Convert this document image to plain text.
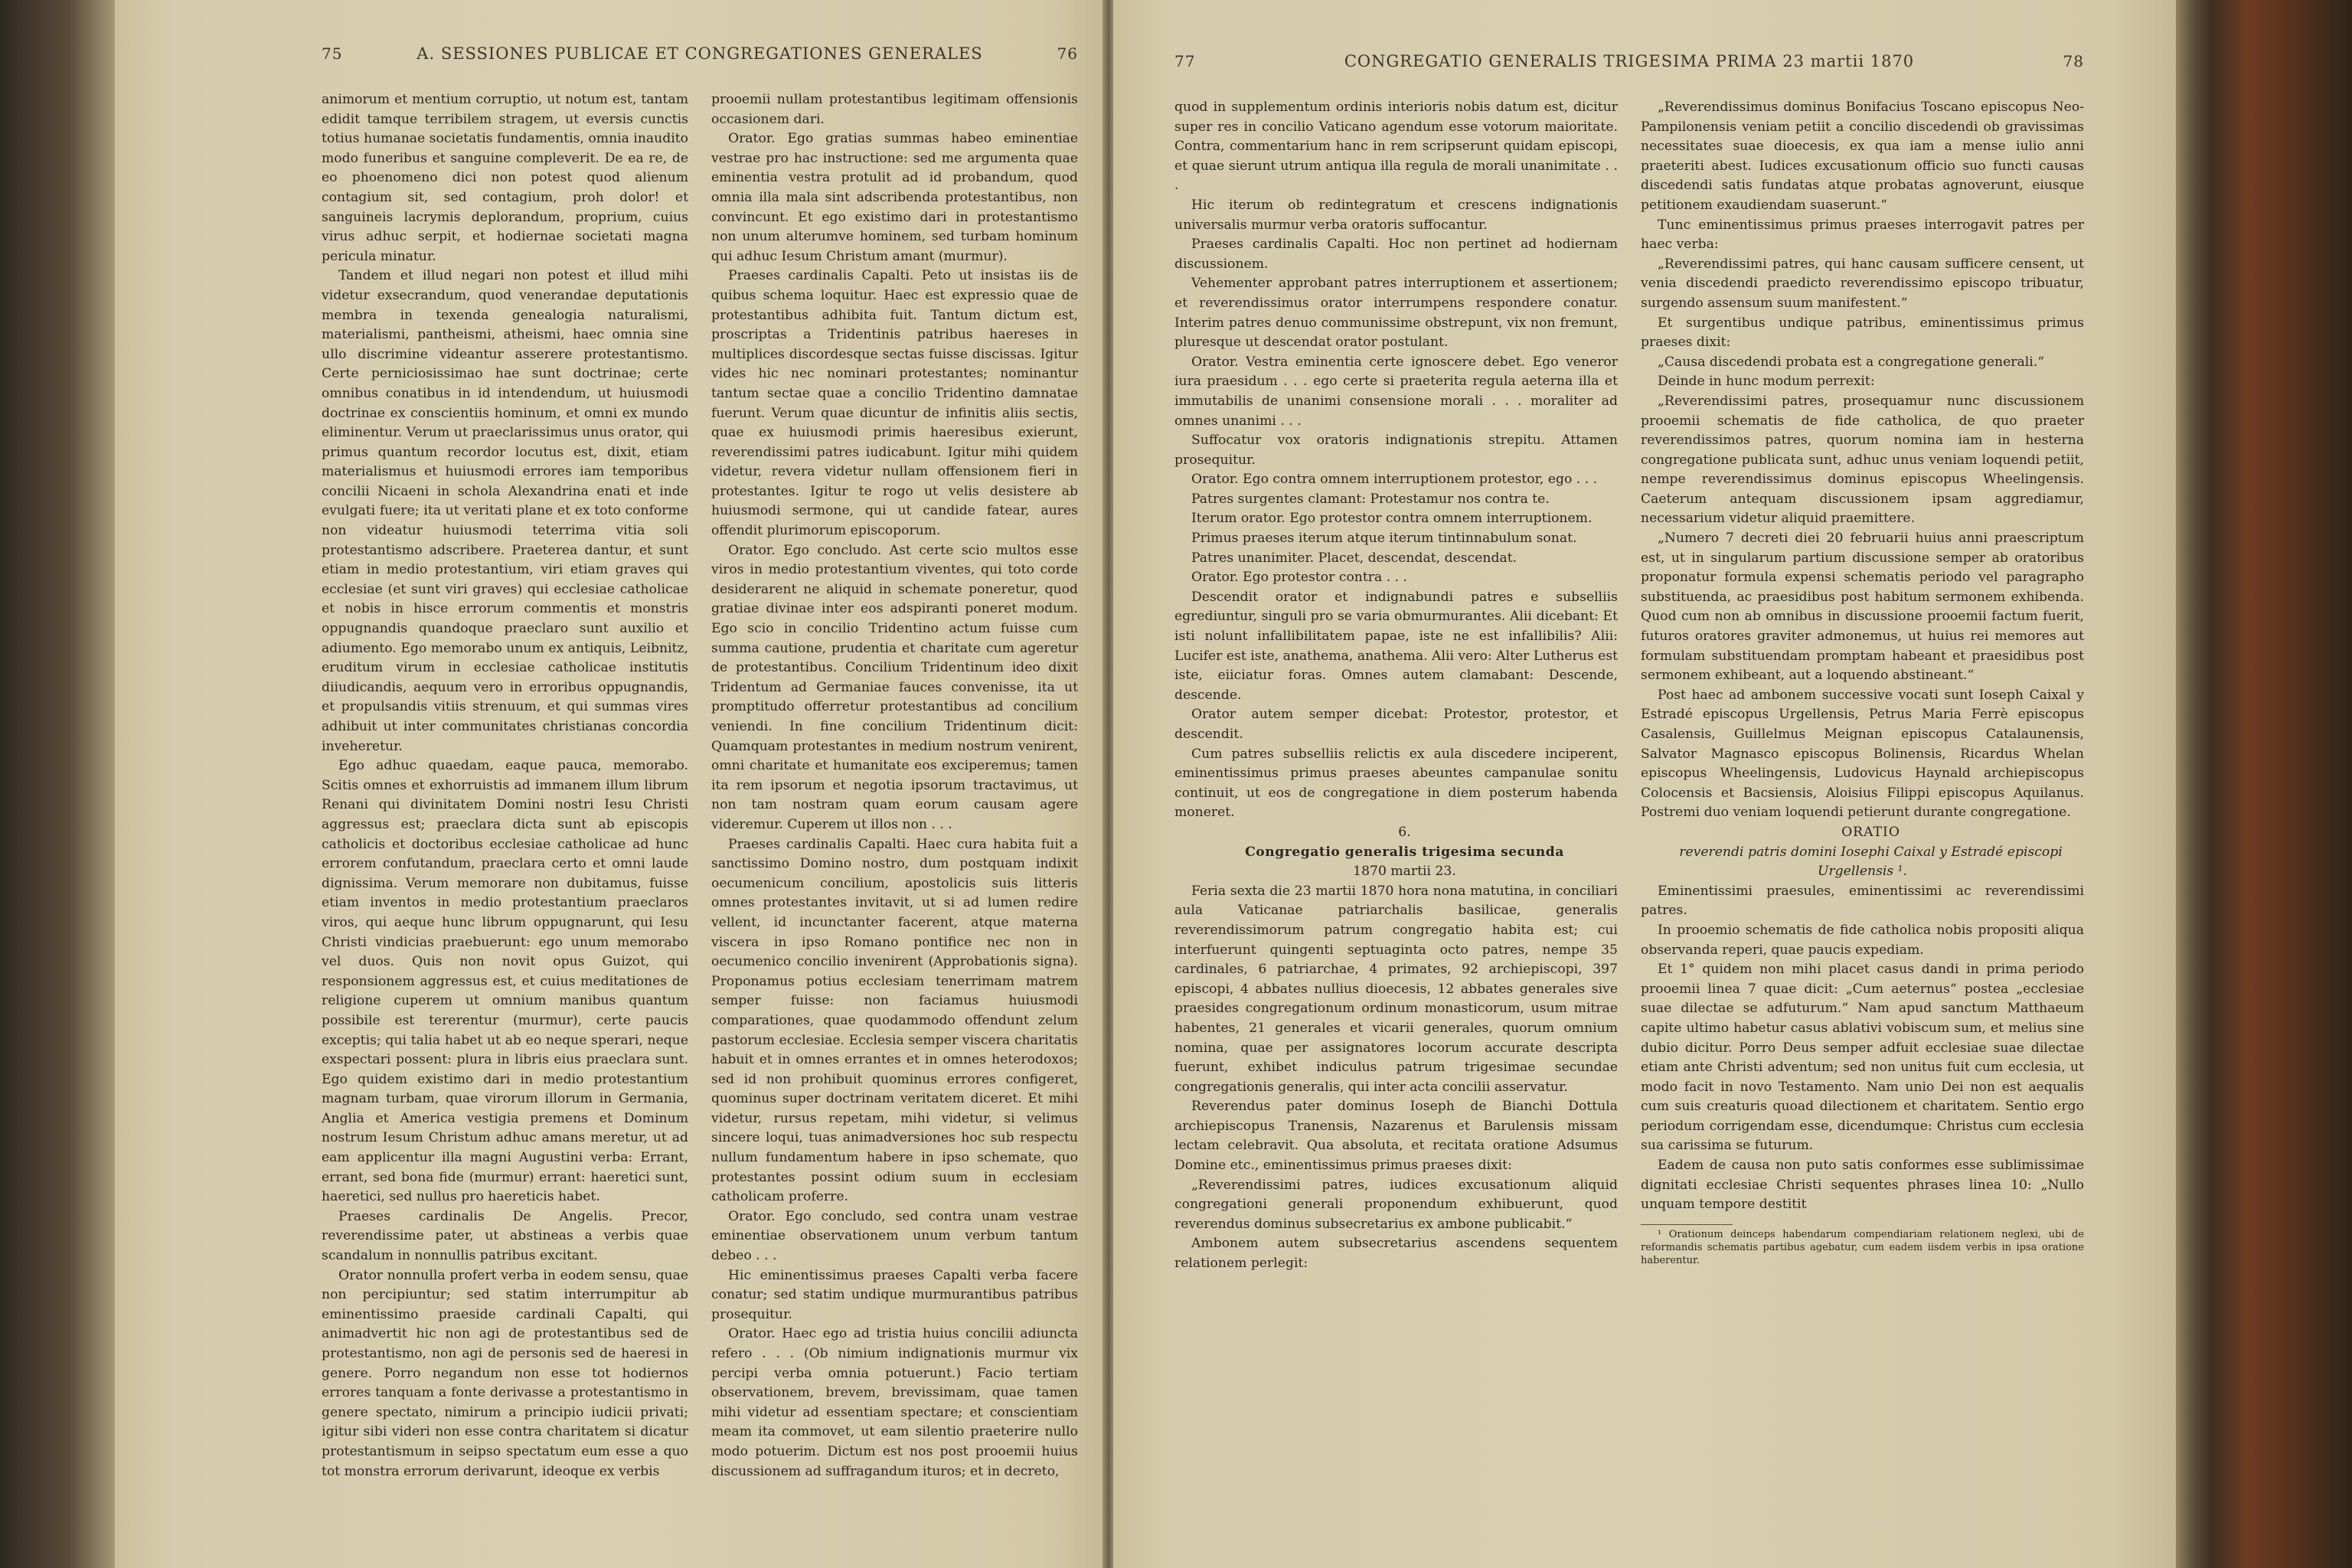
75	A. SESSIONES PUBLICAE ET CONGREGATIONES GENERALES	76

animorum et mentium corruptio, ut notum est, tantam edidit tamque terribilem stragem, ut eversis cunctis totius humanae societatis fundamentis, omnia inaudito modo funeribus et sanguine compleverit. De ea re, de eo phoenomeno dici non potest quod alienum contagium sit, sed contagium, proh dolor! et sanguineis lacrymis deplorandum, proprium, cuius virus adhuc serpit, et hodiernae societati magna pericula minatur.

Tandem et illud negari non potest et illud mihi videtur exsecrandum, quod venerandae deputationis membra in texenda genealogia naturalismi, materialismi, pantheismi, atheismi, haec omnia sine ullo discrimine videantur asserere protestantismo. Certe perniciosissimao hae sunt doctrinae; certe omnibus conatibus in id intendendum, ut huiusmodi doctrinae ex conscientiis hominum, et omni ex mundo eliminentur. Verum ut praeclarissimus unus orator, qui primus quantum recordor locutus est, dixit, etiam materialismus et huiusmodi errores iam temporibus concilii Nicaeni in schola Alexandrina enati et inde evulgati fuere; ita ut veritati plane et ex toto conforme non videatur huiusmodi teterrima vitia soli protestantismo adscribere. Praeterea dantur, et sunt etiam in medio protestantium, viri etiam graves qui ecclesiae (et sunt viri graves) qui ecclesiae catholicae et nobis in hisce errorum commentis et monstris oppugnandis quandoque praeclaro sunt auxilio et adiumento. Ego memorabo unum ex antiquis, Leibnitz, eruditum virum in ecclesiae catholicae institutis diiudicandis, aequum vero in erroribus oppugnandis, et propulsandis vitiis strenuum, et qui summas vires adhibuit ut inter communitates christianas concordia inveheretur.

Ego adhuc quaedam, eaque pauca, memorabo. Scitis omnes et exhorruistis ad immanem illum librum Renani qui divinitatem Domini nostri Iesu Christi aggressus est; praeclara dicta sunt ab episcopis catholicis et doctoribus ecclesiae catholicae ad hunc errorem confutandum, praeclara certo et omni laude dignissima. Verum memorare non dubitamus, fuisse etiam inventos in medio protestantium praeclaros viros, qui aeque hunc librum oppugnarunt, qui Iesu Christi vindicias praebuerunt: ego unum memorabo vel duos. Quis non novit opus Guizot, qui responsionem aggressus est, et cuius meditationes de religione cuperem ut omnium manibus quantum possibile est tererentur (murmur), certe paucis exceptis; qui talia habet ut ab eo neque sperari, neque exspectari possent: plura in libris eius praeclara sunt. Ego quidem existimo dari in medio protestantium magnam turbam, quae virorum illorum in Germania, Anglia et America vestigia premens et Dominum nostrum Iesum Christum adhuc amans meretur, ut ad eam applicentur illa magni Augustini verba: Errant, errant, sed bona fide (murmur) errant: haeretici sunt, haeretici, sed nullus pro haereticis habet.

Praeses cardinalis De Angelis. Precor, reverendissime pater, ut abstineas a verbis quae scandalum in nonnullis patribus excitant.

Orator nonnulla profert verba in eodem sensu, quae non percipiuntur; sed statim interrumpitur ab eminentissimo praeside cardinali Capalti, qui animadvertit hic non agi de protestantibus sed de protestantismo, non agi de personis sed de haeresi in genere. Porro negandum non esse tot hodiernos errores tanquam a fonte derivasse a protestantismo in genere spectato, nimirum a principio iudicii privati; igitur sibi videri non esse contra charitatem si dicatur protestantismum in seipso spectatum eum esse a quo tot monstra errorum derivarunt, ideoque ex verbis

prooemii nullam protestantibus legitimam offensionis occasionem dari.

Orator. Ego gratias summas habeo eminentiae vestrae pro hac instructione: sed me argumenta quae eminentia vestra protulit ad id probandum, quod omnia illa mala sint adscribenda protestantibus, non convincunt. Et ego existimo dari in protestantismo non unum alterumve hominem, sed turbam hominum qui adhuc Iesum Christum amant (murmur).

Praeses cardinalis Capalti. Peto ut insistas iis de quibus schema loquitur. Haec est expressio quae de protestantibus adhibita fuit. Tantum dictum est, proscriptas a Tridentinis patribus haereses in multiplices discordesque sectas fuisse discissas. Igitur vides hic nec nominari protestantes; nominantur tantum sectae quae a concilio Tridentino damnatae fuerunt. Verum quae dicuntur de infinitis aliis sectis, quae ex huiusmodi primis haeresibus exierunt, reverendissimi patres iudicabunt. Igitur mihi quidem videtur, revera videtur nullam offensionem fieri in protestantes. Igitur te rogo ut velis desistere ab huiusmodi sermone, qui ut candide fatear, aures offendit plurimorum episcoporum.

Orator. Ego concludo. Ast certe scio multos esse viros in medio protestantium viventes, qui toto corde desiderarent ne aliquid in schemate poneretur, quod gratiae divinae inter eos adspiranti poneret modum. Ego scio in concilio Tridentino actum fuisse cum summa cautione, prudentia et charitate cum ageretur de protestantibus. Concilium Tridentinum ideo dixit Tridentum ad Germaniae fauces convenisse, ita ut promptitudo offerretur protestantibus ad concilium veniendi. In fine concilium Tridentinum dicit: Quamquam protestantes in medium nostrum venirent, omni charitate et humanitate eos exciperemus; tamen ita rem ipsorum et negotia ipsorum tractavimus, ut non tam nostram quam eorum causam agere videremur. Cuperem ut illos non . . .

Praeses cardinalis Capalti. Haec cura habita fuit a sanctissimo Domino nostro, dum postquam indixit oecumenicum concilium, apostolicis suis litteris omnes protestantes invitavit, ut si ad lumen redire vellent, id incunctanter facerent, atque materna viscera in ipso Romano pontifice nec non in oecumenico concilio invenirent (Approbationis signa). Proponamus potius ecclesiam tenerrimam matrem semper fuisse: non faciamus huiusmodi comparationes, quae quodammodo offendunt zelum pastorum ecclesiae. Ecclesia semper viscera charitatis habuit et in omnes errantes et in omnes heterodoxos; sed id non prohibuit quominus errores configeret, quominus super doctrinam veritatem diceret. Et mihi videtur, rursus repetam, mihi videtur, si velimus sincere loqui, tuas animadversiones hoc sub respectu nullum fundamentum habere in ipso schemate, quo protestantes possint odium suum in ecclesiam catholicam proferre.

Orator. Ego concludo, sed contra unam vestrae eminentiae observationem unum verbum tantum debeo . . .

Hic eminentissimus praeses Capalti verba facere conatur; sed statim undique murmurantibus patribus prosequitur.

Orator. Haec ego ad tristia huius concilii adiuncta refero . . . (Ob nimium indignationis murmur vix percipi verba omnia potuerunt.) Facio tertiam observationem, brevem, brevissimam, quae tamen mihi videtur ad essentiam spectare; et conscientiam meam ita commovet, ut eam silentio praeterire nullo modo potuerim. Dictum est nos post prooemii huius discussionem ad suffragandum ituros; et in decreto,

77	CONGREGATIO GENERALIS TRIGESIMA PRIMA 23 martii 1870	78

quod in supplementum ordinis interioris nobis datum est, dicitur super res in concilio Vaticano agendum esse votorum maioritate. Contra, commentarium hanc in rem scripserunt quidam episcopi, et quae sierunt utrum antiqua illa regula de morali unanimitate . . .

Hic iterum ob redintegratum et crescens indignationis universalis murmur verba oratoris suffocantur.

Praeses cardinalis Capalti. Hoc non pertinet ad hodiernam discussionem.

Vehementer approbant patres interruptionem et assertionem; et reverendissimus orator interrumpens respondere conatur. Interim patres denuo communissime obstrepunt, vix non fremunt, pluresque ut descendat orator postulant.

Orator. Vestra eminentia certe ignoscere debet. Ego veneror iura praesidum . . . ego certe si praeterita regula aeterna illa et immutabilis de unanimi consensione morali . . . moraliter ad omnes unanimi . . .

Suffocatur vox oratoris indignationis strepitu. Attamen prosequitur.

Orator. Ego contra omnem interruptionem protestor, ego . . .

Patres surgentes clamant: Protestamur nos contra te.

Iterum orator. Ego protestor contra omnem interruptionem.

Primus praeses iterum atque iterum tintinnabulum sonat.

Patres unanimiter. Placet, descendat, descendat.

Orator. Ego protestor contra . . .

Descendit orator et indignabundi patres e subselliis egrediuntur, singuli pro se varia obmurmurantes. Alii dicebant: Et isti nolunt infallibilitatem papae, iste ne est infallibilis? Alii: Lucifer est iste, anathema, anathema. Alii vero: Alter Lutherus est iste, eiiciatur foras. Omnes autem clamabant: Descende, descende.

Orator autem semper dicebat: Protestor, protestor, et descendit.

Cum patres subselliis relictis ex aula discedere inciperent, eminentissimus primus praeses abeuntes campanulae sonitu continuit, ut eos de congregatione in diem posterum habenda moneret.

6.

Congregatio generalis trigesima secunda

1870 martii 23.

Feria sexta die 23 martii 1870 hora nona matutina, in conciliari aula Vaticanae patriarchalis basilicae, generalis reverendissimorum patrum congregatio habita est; cui interfuerunt quingenti septuaginta octo patres, nempe 35 cardinales, 6 patriarchae, 4 primates, 92 archiepiscopi, 397 episcopi, 4 abbates nullius dioecesis, 12 abbates generales sive praesides congregationum ordinum monasticorum, usum mitrae habentes, 21 generales et vicarii generales, quorum omnium nomina, quae per assignatores locorum accurate descripta fuerunt, exhibet indiculus patrum trigesimae secundae congregationis generalis, qui inter acta concilii asservatur.

Reverendus pater dominus Ioseph de Bianchi Dottula archiepiscopus Tranensis, Nazarenus et Barulensis missam lectam celebravit. Qua absoluta, et recitata oratione Adsumus Domine etc., eminentissimus primus praeses dixit:

„Reverendissimi patres, iudices excusationum aliquid congregationi generali proponendum exhibuerunt, quod reverendus dominus subsecretarius ex ambone publicabit.“

Ambonem autem subsecretarius ascendens sequentem relationem perlegit:

„Reverendissimus dominus Bonifacius Toscano episcopus Neo-Pampilonensis veniam petiit a concilio discedendi ob gravissimas necessitates suae dioecesis, ex qua iam a mense iulio anni praeteriti abest. Iudices excusationum officio suo functi causas discedendi satis fundatas atque probatas agnoverunt, eiusque petitionem exaudiendam suaserunt.“

Tunc eminentissimus primus praeses interrogavit patres per haec verba:

„Reverendissimi patres, qui hanc causam sufficere censent, ut venia discedendi praedicto reverendissimo episcopo tribuatur, surgendo assensum suum manifestent.“

Et surgentibus undique patribus, eminentissimus primus praeses dixit:

„Causa discedendi probata est a congregatione generali.“

Deinde in hunc modum perrexit:

„Reverendissimi patres, prosequamur nunc discussionem prooemii schematis de fide catholica, de quo praeter reverendissimos patres, quorum nomina iam in hesterna congregatione publicata sunt, adhuc unus veniam loquendi petiit, nempe reverendissimus dominus episcopus Wheelingensis. Caeterum antequam discussionem ipsam aggrediamur, necessarium videtur aliquid praemittere.

„Numero 7 decreti diei 20 februarii huius anni praescriptum est, ut in singularum partium discussione semper ab oratoribus proponatur formula expensi schematis periodo vel paragrapho substituenda, ac praesidibus post habitum sermonem exhibenda. Quod cum non ab omnibus in discussione prooemii factum fuerit, futuros oratores graviter admonemus, ut huius rei memores aut formulam substituendam promptam habeant et praesidibus post sermonem exhibeant, aut a loquendo abstineant.“

Post haec ad ambonem successive vocati sunt Ioseph Caixal y Estradé episcopus Urgellensis, Petrus Maria Ferrè episcopus Casalensis, Guillelmus Meignan episcopus Catalaunensis, Salvator Magnasco episcopus Bolinensis, Ricardus Whelan episcopus Wheelingensis, Ludovicus Haynald archiepiscopus Colocensis et Bacsiensis, Aloisius Filippi episcopus Aquilanus. Postremi duo veniam loquendi petierunt durante congregatione.

ORATIO

reverendi patris domini Iosephi Caixal y Estradé episcopi Urgellensis ¹.

Eminentissimi praesules, eminentissimi ac reverendissimi patres.

In prooemio schematis de fide catholica nobis propositi aliqua observanda reperi, quae paucis expediam.

Et 1° quidem non mihi placet casus dandi in prima periodo prooemii linea 7 quae dicit: „Cum aeternus“ postea „ecclesiae suae dilectae se adfuturum.“ Nam apud sanctum Matthaeum capite ultimo habetur casus ablativi vobiscum sum, et melius sine dubio dicitur. Porro Deus semper adfuit ecclesiae suae dilectae etiam ante Christi adventum; sed non unitus fuit cum ecclesia, ut modo facit in novo Testamento. Nam unio Dei non est aequalis cum suis creaturis quoad dilectionem et charitatem. Sentio ergo periodum corrigendam esse, dicendumque: Christus cum ecclesia sua carissima se futurum.

Eadem de causa non puto satis conformes esse sublimissimae dignitati ecclesiae Christi sequentes phrases linea 10: „Nullo unquam tempore destitit

¹ Orationum deinceps habendarum compendiariam relationem neglexi, ubi de reformandis schematis partibus agebatur, cum eadem iisdem verbis in ipsa oratione haberentur.
